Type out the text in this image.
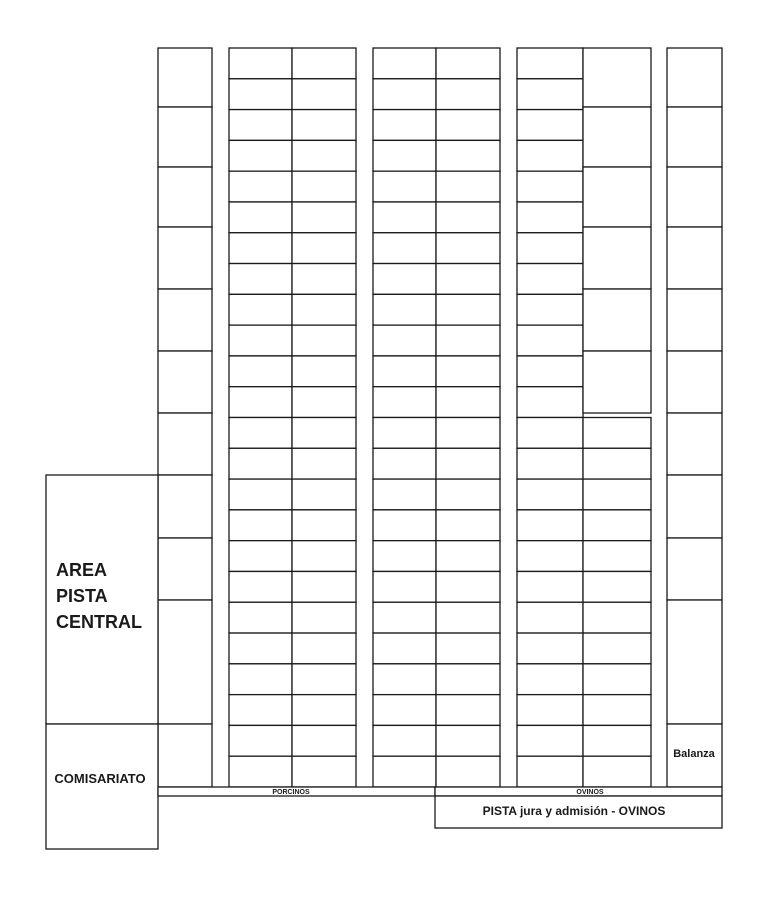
AREA
PISTA
CENTRAL
COMISARIATO
PORCINOS	OVINOS
PISTA jura y admisión - OVINOS
Balanza
